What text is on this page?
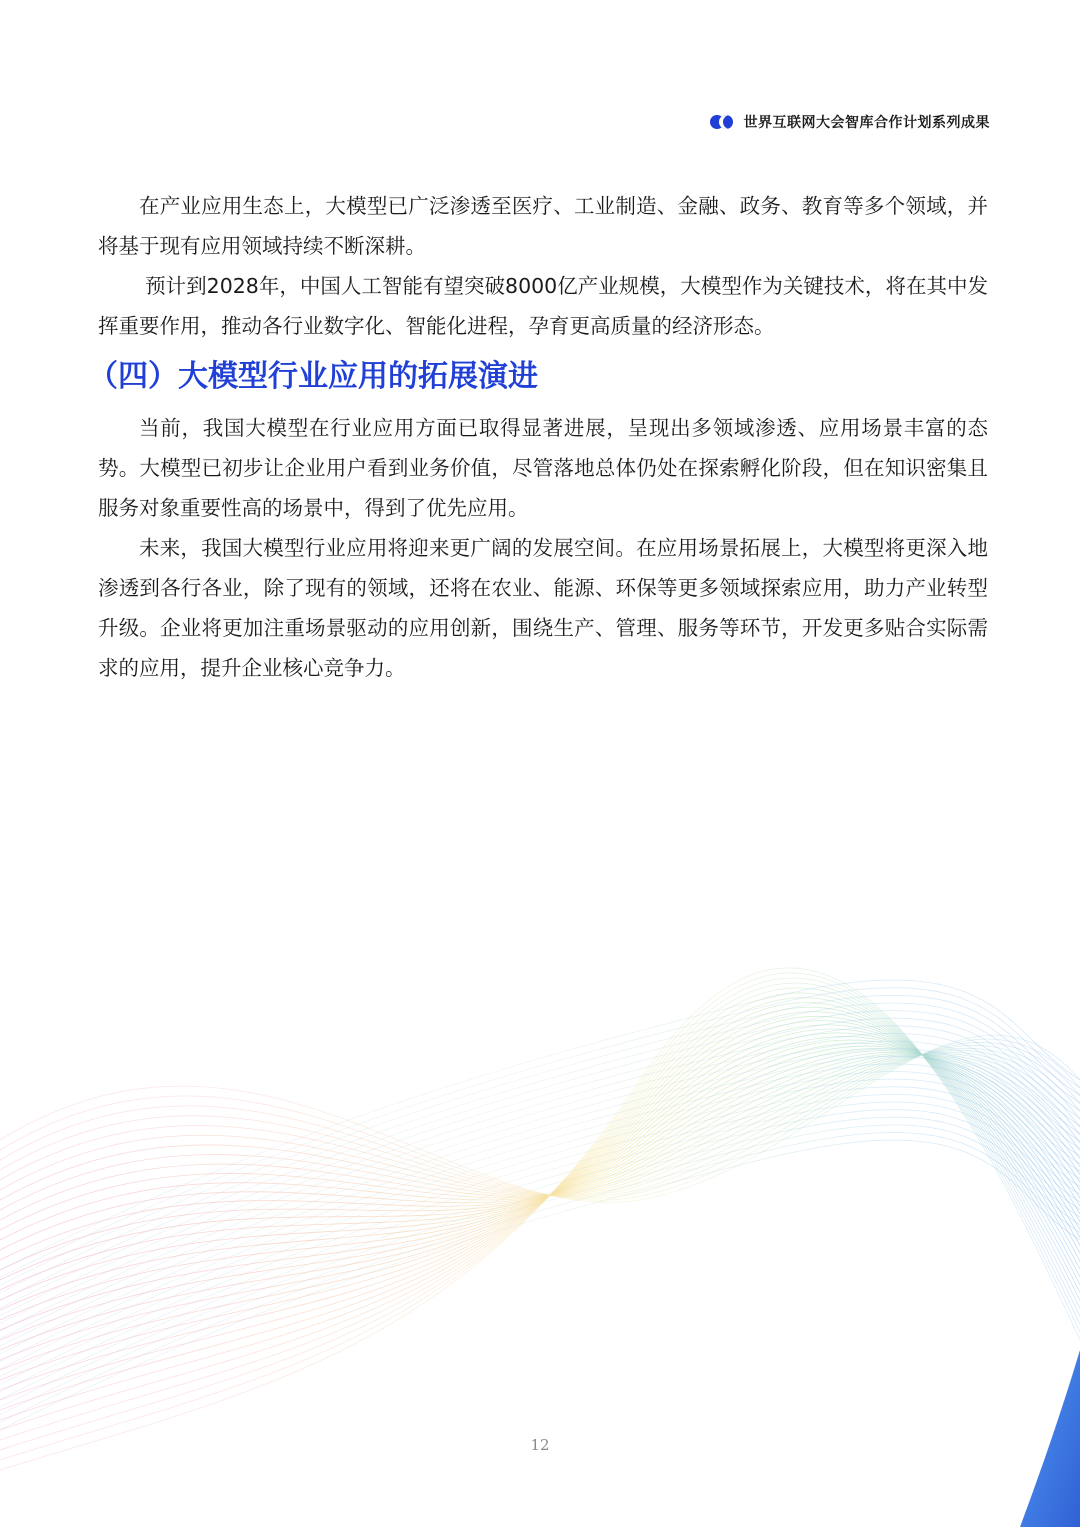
世界互联网大会智库合作计划系列成果

在产业应用生态上，大模型已广泛渗透至医疗、工业制造、金融、政务、教育等多个领域，并将基于现有应用领域持续不断深耕。

预计到2028年，中国人工智能有望突破8000亿产业规模，大模型作为关键技术，将在其中发挥重要作用，推动各行业数字化、智能化进程，孕育更高质量的经济形态。

（四）大模型行业应用的拓展演进

当前，我国大模型在行业应用方面已取得显著进展，呈现出多领域渗透、应用场景丰富的态势。大模型已初步让企业用户看到业务价值，尽管落地总体仍处在探索孵化阶段，但在知识密集且服务对象重要性高的场景中，得到了优先应用。

未来，我国大模型行业应用将迎来更广阔的发展空间。在应用场景拓展上，大模型将更深入地渗透到各行各业，除了现有的领域，还将在农业、能源、环保等更多领域探索应用，助力产业转型升级。企业将更加注重场景驱动的应用创新，围绕生产、管理、服务等环节，开发更多贴合实际需求的应用，提升企业核心竞争力。

12
